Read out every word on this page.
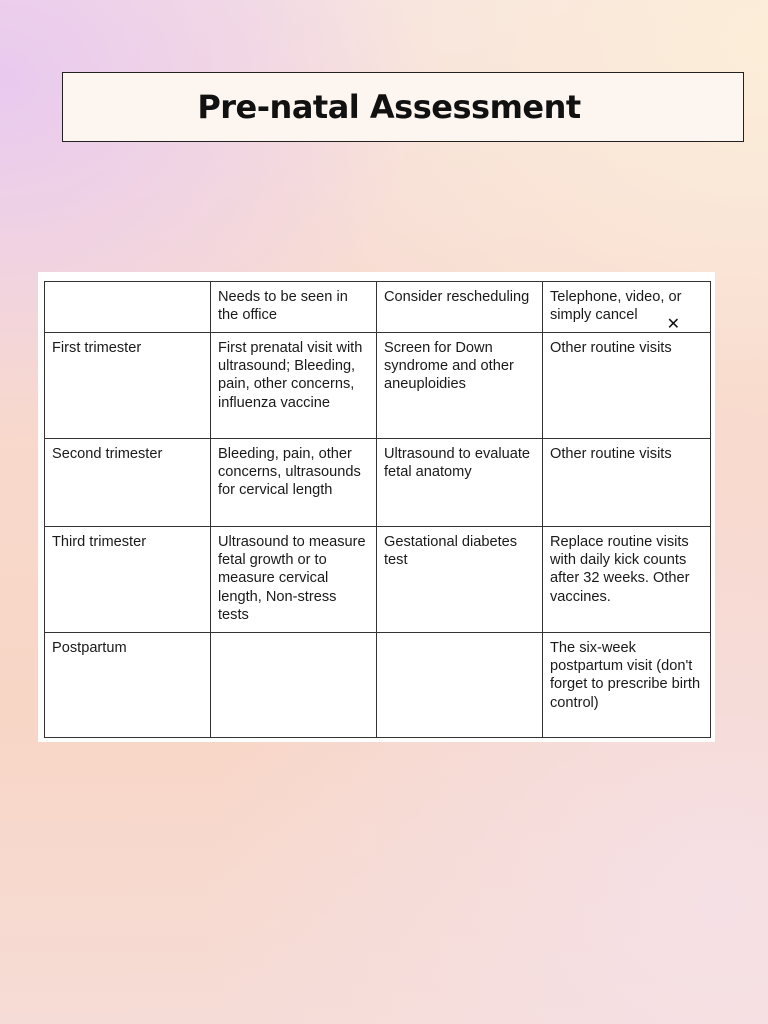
Pre-natal Assessment
	Needs to be seen in the office	Consider rescheduling	Telephone, video, or simply cancel ✕

First trimester	First prenatal visit with ultrasound; Bleeding, pain, other concerns, influenza vaccine	Screen for Down syndrome and other aneuploidies	Other routine visits
Second trimester	Bleeding, pain, other concerns, ultrasounds for cervical length	Ultrasound to evaluate fetal anatomy	Other routine visits
Third trimester	Ultrasound to measure fetal growth or to measure cervical length, Non-stress tests	Gestational diabetes test	Replace routine visits with daily kick counts after 32 weeks. Other vaccines.
Postpartum			The six-week postpartum visit (don't forget to prescribe birth control)
